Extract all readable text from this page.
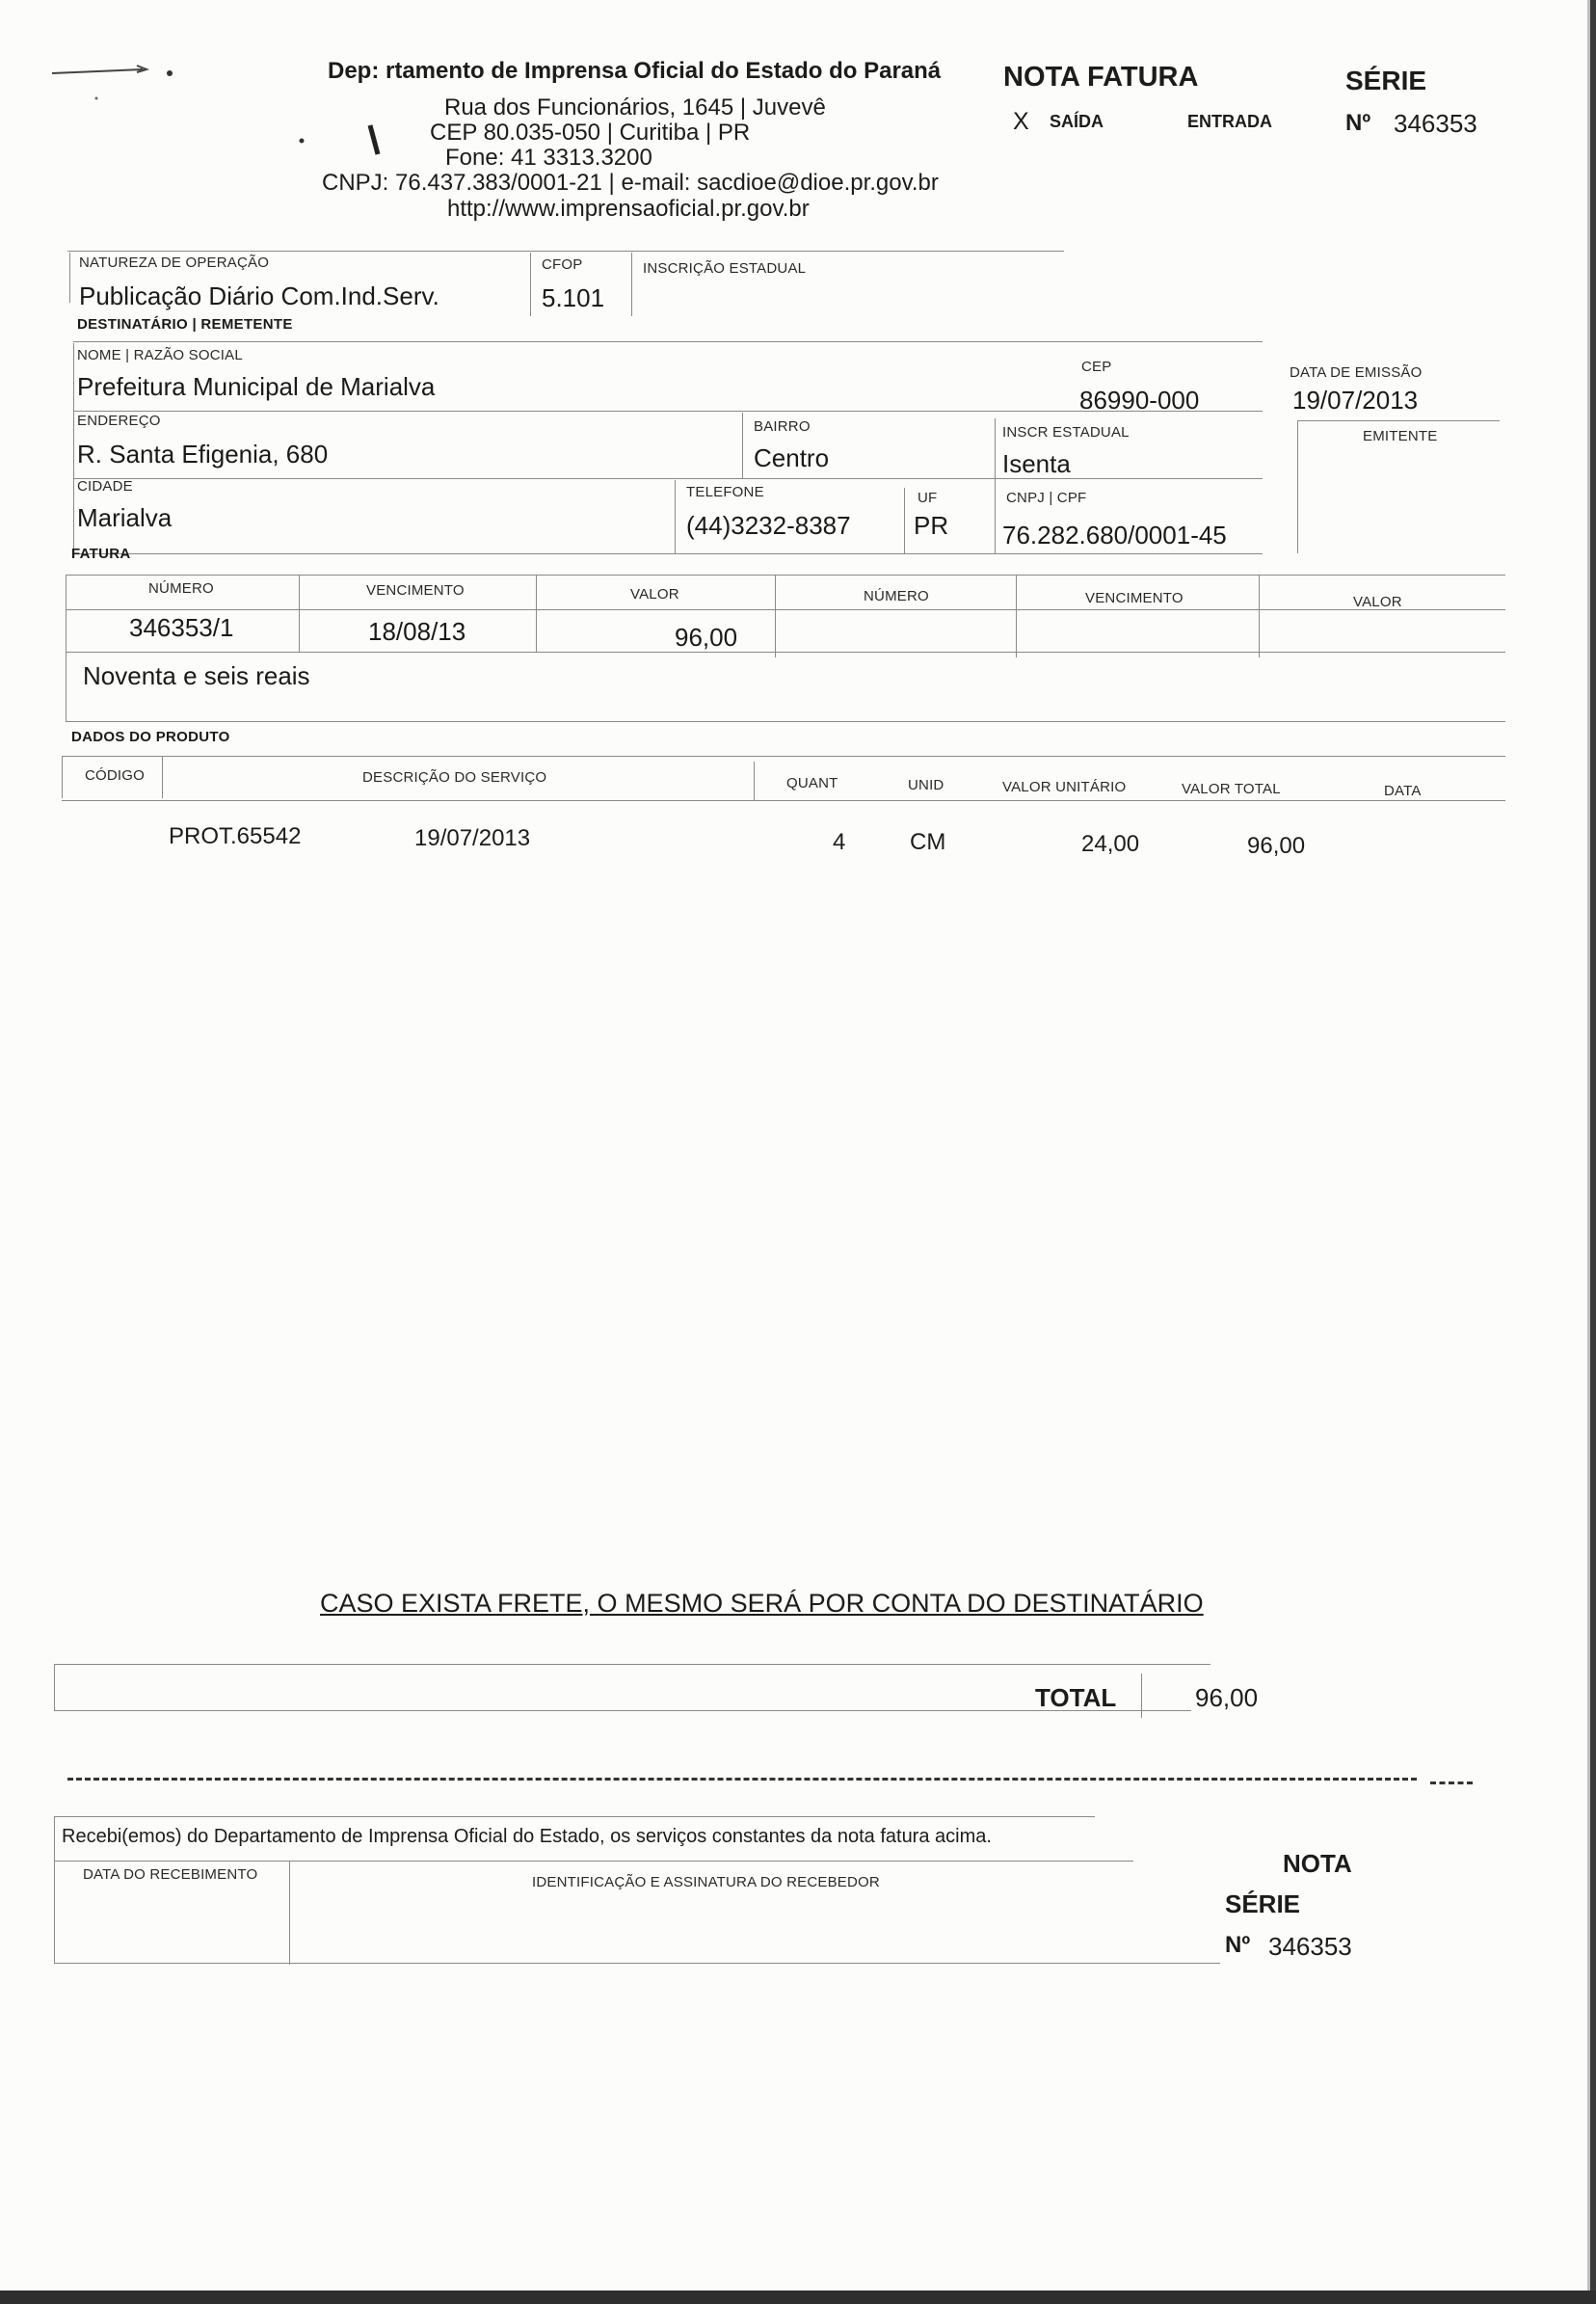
Dep: rtamento de Imprensa Oficial do Estado do Paraná
Rua dos Funcionários, 1645 | Juvevê
CEP 80.035-050 | Curitiba | PR
Fone: 41 3313.3200
CNPJ: 76.437.383/0001-21 | e-mail: sacdioe@dioe.pr.gov.br
http://www.imprensaoficial.pr.gov.br
NOTA FATURA
X SAÍDA	ENTRADA
SÉRIE
Nº 346353
NATUREZA DE OPERAÇÃO
Publicação Diário Com.Ind.Serv.
CFOP
5.101
INSCRIÇÃO ESTADUAL
DESTINATÁRIO | REMETENTE
NOME | RAZÃO SOCIAL
Prefeitura Municipal de Marialva
CEP
86990-000
DATA DE EMISSÃO
19/07/2013
ENDEREÇO
R. Santa Efigenia, 680
BAIRRO
Centro
INSCR ESTADUAL
Isenta
EMITENTE
CIDADE
Marialva
TELEFONE
(44)3232-8387
UF
PR
CNPJ | CPF
76.282.680/0001-45
FATURA
NÚMERO	VENCIMENTO	VALOR	NÚMERO	VENCIMENTO	VALOR
346353/1	18/08/13	96,00
Noventa e seis reais
DADOS DO PRODUTO
CÓDIGO	DESCRIÇÃO DO SERVIÇO	QUANT	UNID	VALOR UNITÁRIO	VALOR TOTAL	DATA
PROT.65542	19/07/2013	4	CM	24,00	96,00
CASO EXISTA FRETE, O MESMO SERÁ POR CONTA DO DESTINATÁRIO
TOTAL	96,00
Recebi(emos) do Departamento de Imprensa Oficial do Estado, os serviços constantes da nota fatura acima.
DATA DO RECEBIMENTO	IDENTIFICAÇÃO E ASSINATURA DO RECEBEDOR
NOTA
SÉRIE
Nº 346353
